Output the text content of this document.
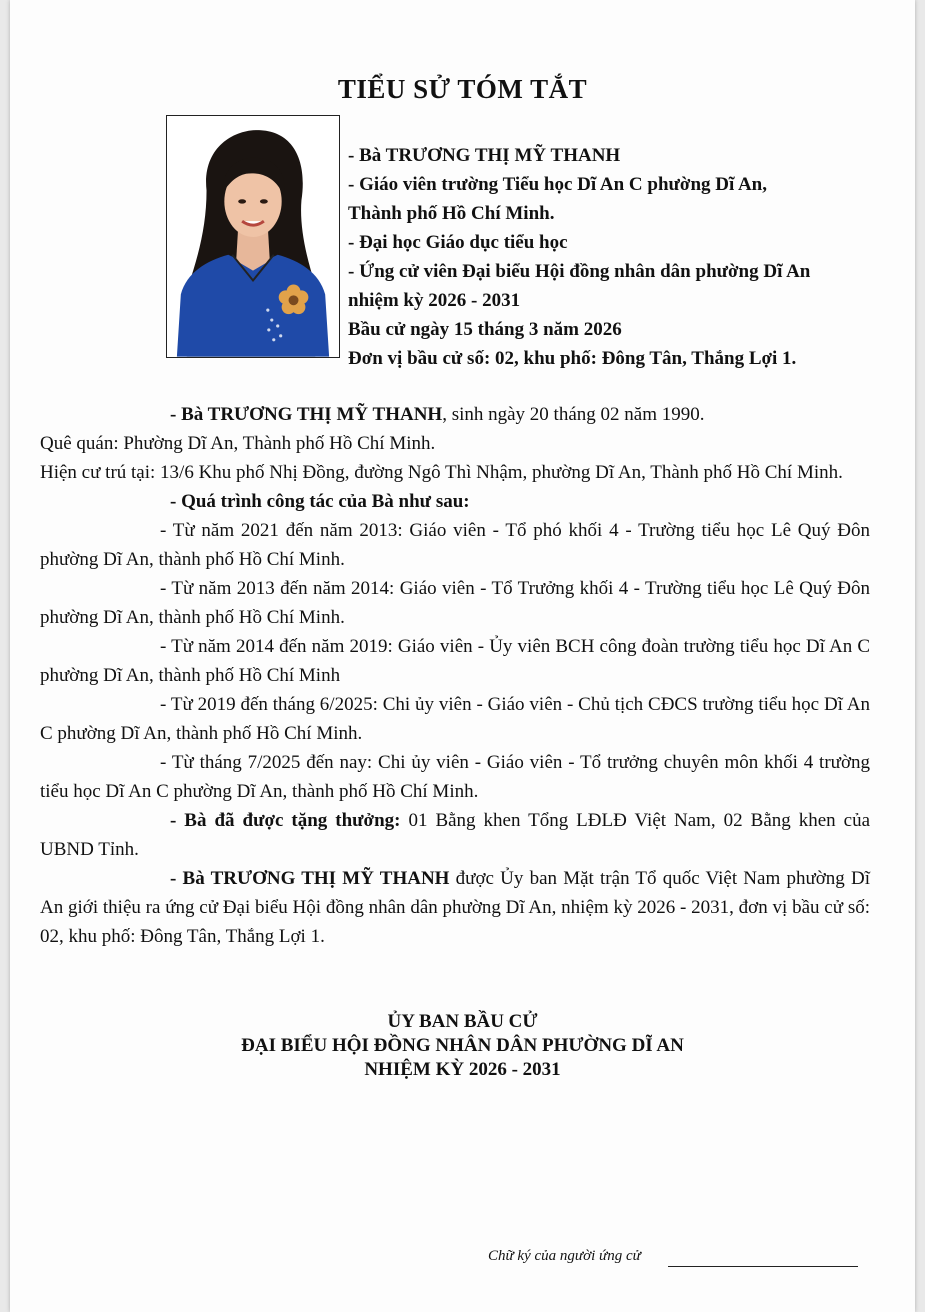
TIỂU SỬ TÓM TẮT
- Bà TRƯƠNG THỊ MỸ THANH
- Giáo viên trường Tiểu học Dĩ An C phường Dĩ An,
Thành phố Hồ Chí Minh.
- Đại học Giáo dục tiểu học
- Ứng cử viên Đại biểu Hội đồng nhân dân phường Dĩ An
nhiệm kỳ 2026 - 2031
Bầu cử ngày 15 tháng 3 năm 2026
Đơn vị bầu cử số: 02, khu phố: Đông Tân, Thắng Lợi 1.

- Bà TRƯƠNG THỊ MỸ THANH, sinh ngày 20 tháng 02 năm 1990.

Quê quán: Phường Dĩ An, Thành phố Hồ Chí Minh.

Hiện cư trú tại: 13/6 Khu phố Nhị Đồng, đường Ngô Thì Nhậm, phường Dĩ An, Thành phố Hồ Chí Minh.

- Quá trình công tác của Bà như sau:

- Từ năm 2021 đến năm 2013: Giáo viên - Tổ phó khối 4 - Trường tiểu học Lê Quý Đôn phường Dĩ An, thành phố Hồ Chí Minh.

- Từ năm 2013 đến năm 2014: Giáo viên - Tổ Trưởng khối 4 - Trường tiểu học Lê Quý Đôn phường Dĩ An, thành phố Hồ Chí Minh.

- Từ năm 2014 đến năm 2019: Giáo viên - Ủy viên BCH công đoàn trường tiểu học Dĩ An C phường Dĩ An, thành phố Hồ Chí Minh

- Từ 2019 đến tháng 6/2025: Chi ủy viên - Giáo viên - Chủ tịch CĐCS trường tiểu học Dĩ An C phường Dĩ An, thành phố Hồ Chí Minh.

- Từ tháng 7/2025 đến nay: Chi ủy viên - Giáo viên - Tổ trưởng chuyên môn khối 4 trường tiểu học Dĩ An C phường Dĩ An, thành phố Hồ Chí Minh.

- Bà đã được tặng thưởng: 01 Bằng khen Tổng LĐLĐ Việt Nam, 02 Bằng khen của UBND Tỉnh.

- Bà TRƯƠNG THỊ MỸ THANH được Ủy ban Mặt trận Tổ quốc Việt Nam phường Dĩ An giới thiệu ra ứng cử Đại biểu Hội đồng nhân dân phường Dĩ An, nhiệm kỳ 2026 - 2031, đơn vị bầu cử số: 02, khu phố: Đông Tân, Thắng Lợi 1.

ỦY BAN BẦU CỬ
ĐẠI BIỂU HỘI ĐỒNG NHÂN DÂN PHƯỜNG DĨ AN
NHIỆM KỲ 2026 - 2031
Chữ ký của người ứng cử
